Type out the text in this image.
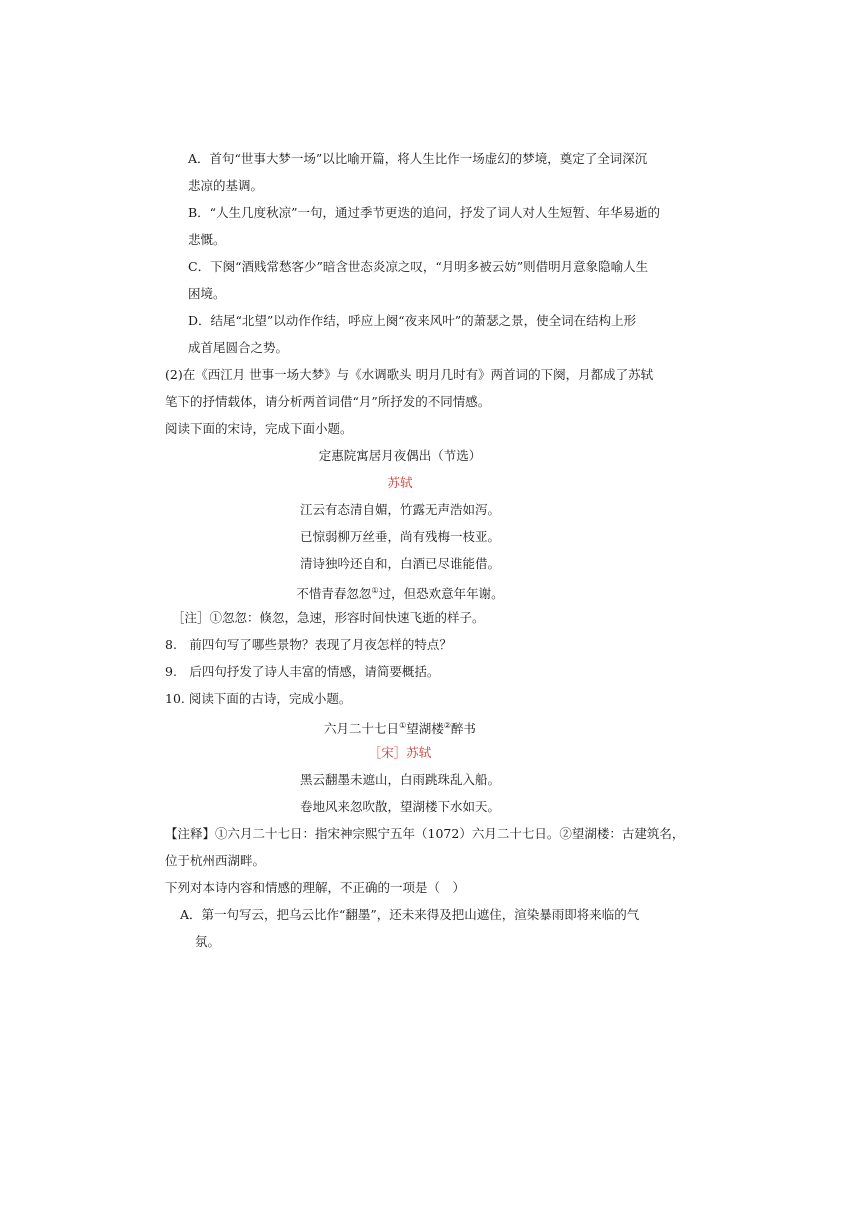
A．首句“世事大梦一场”以比喻开篇，将人生比作一场虚幻的梦境，奠定了全词深沉
悲凉的基调。
B．“人生几度秋凉”一句，通过季节更迭的追问，抒发了词人对人生短暂、年华易逝的
悲慨。
C．下阕“酒贱常愁客少”暗含世态炎凉之叹，“月明多被云妨”则借明月意象隐喻人生
困境。
D．结尾“北望”以动作作结，呼应上阕“夜来风叶”的萧瑟之景，使全词在结构上形
成首尾圆合之势。
(2)在《西江月 世事一场大梦》与《水调歌头 明月几时有》两首词的下阕，月都成了苏轼
笔下的抒情载体，请分析两首词借“月”所抒发的不同情感。
阅读下面的宋诗，完成下面小题。
定惠院寓居月夜偶出（节选）
苏轼
江云有态清自媚，竹露无声浩如泻。
已惊弱柳万丝垂，尚有残梅一枝亚。
清诗独吟还自和，白酒已尽谁能借。
不惜青春忽忽①过，但恐欢意年年谢。
［注］①忽忽：倏忽，急速，形容时间快速飞逝的样子。
8.　前四句写了哪些景物？表现了月夜怎样的特点？
9.　后四句抒发了诗人丰富的情感，请简要概括。
10. 阅读下面的古诗，完成小题。
六月二十七日①望湖楼②醉书
［宋］苏轼
黑云翻墨未遮山，白雨跳珠乱入船。
卷地风来忽吹散，望湖楼下水如天。
【注释】①六月二十七日：指宋神宗熙宁五年（1072）六月二十七日。②望湖楼：古建筑名，
位于杭州西湖畔。
下列对本诗内容和情感的理解，不正确的一项是（　）
A．第一句写云，把乌云比作“翻墨”，还未来得及把山遮住，渲染暴雨即将来临的气
氛。
